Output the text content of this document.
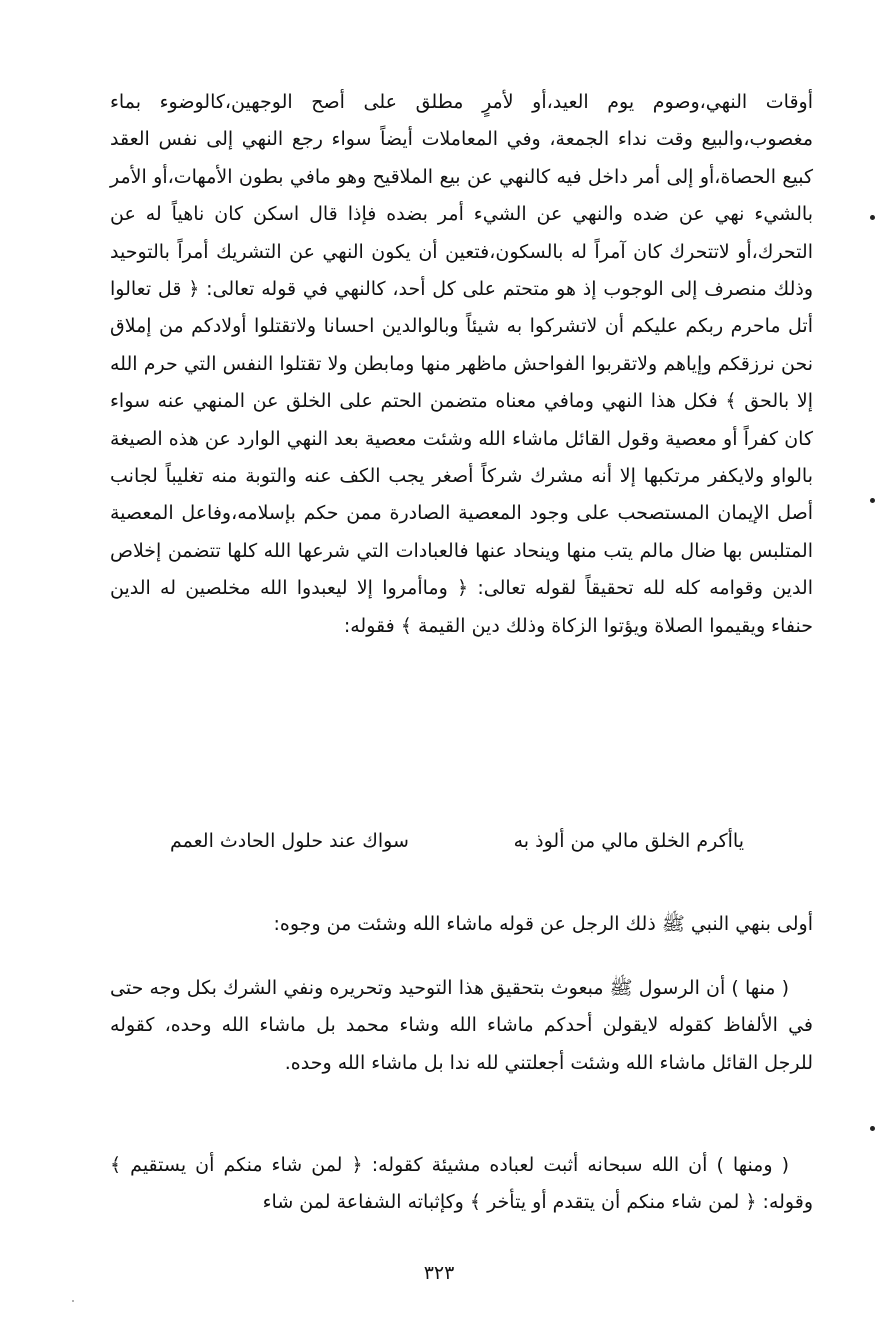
أوقات النهي،وصوم يوم العيد،أو لأمرٍ مطلق على أصح الوجهين،كالوضوء بماء مغصوب،والبيع وقت نداء الجمعة، وفي المعاملات أيضاً سواء رجع النهي إلى نفس العقد كبيع الحصاة،أو إلى أمر داخل فيه كالنهي عن بيع الملاقيح وهو مافي بطون الأمهات،أو الأمر بالشيء نهي عن ضده والنهي عن الشيء أمر بضده فإذا قال اسكن كان ناهياً له عن التحرك،أو لاتتحرك كان آمراً له بالسكون،فتعين أن يكون النهي عن التشريك أمراً بالتوحيد وذلك منصرف إلى الوجوب إذ هو متحتم على كل أحد، كالنهي في قوله تعالى: ﴿ قل تعالوا أتل ماحرم ربكم عليكم أن لاتشركوا به شيئاً وبالوالدين احسانا ولاتقتلوا أولادكم من إملاق نحن نرزقكم وإياهم ولاتقربوا الفواحش ماظهر منها ومابطن ولا تقتلوا النفس التي حرم الله إلا بالحق ﴾ فكل هذا النهي ومافي معناه متضمن الحتم على الخلق عن المنهي عنه سواء كان كفراً أو معصية وقول القائل ماشاء الله وشئت معصية بعد النهي الوارد عن هذه الصيغة بالواو ولايكفر مرتكبها إلا أنه مشرك شركاً أصغر يجب الكف عنه والتوبة منه تغليباً لجانب أصل الإيمان المستصحب على وجود المعصية الصادرة ممن حكم بإسلامه،وفاعل المعصية المتلبس بها ضال مالم يتب منها وينحاد عنها فالعبادات التي شرعها الله كلها تتضمن إخلاص الدين وقوامه كله لله تحقيقاً لقوله تعالى: ﴿ وماأمروا إلا ليعبدوا الله مخلصين له الدين حنفاء ويقيموا الصلاة ويؤتوا الزكاة وذلك دين القيمة ﴾ فقوله:
ياأكرم الخلق مالي من ألوذ به
سواك عند حلول الحادث العمم
أولى بنهي النبي ﷺ ذلك الرجل عن قوله ماشاء الله وشئت من وجوه:
( منها ) أن الرسول ﷺ مبعوث بتحقيق هذا التوحيد وتحريره ونفي الشرك بكل وجه حتى في الألفاظ كقوله لايقولن أحدكم ماشاء الله وشاء محمد بل ماشاء الله وحده، كقوله للرجل القائل ماشاء الله وشئت أجعلتني لله ندا بل ماشاء الله وحده.
( ومنها ) أن الله سبحانه أثبت لعباده مشيئة كقوله: ﴿ لمن شاء منكم أن يستقيم ﴾ وقوله: ﴿ لمن شاء منكم أن يتقدم أو يتأخر ﴾ وكإثباته الشفاعة لمن شاء
٣٢٣
